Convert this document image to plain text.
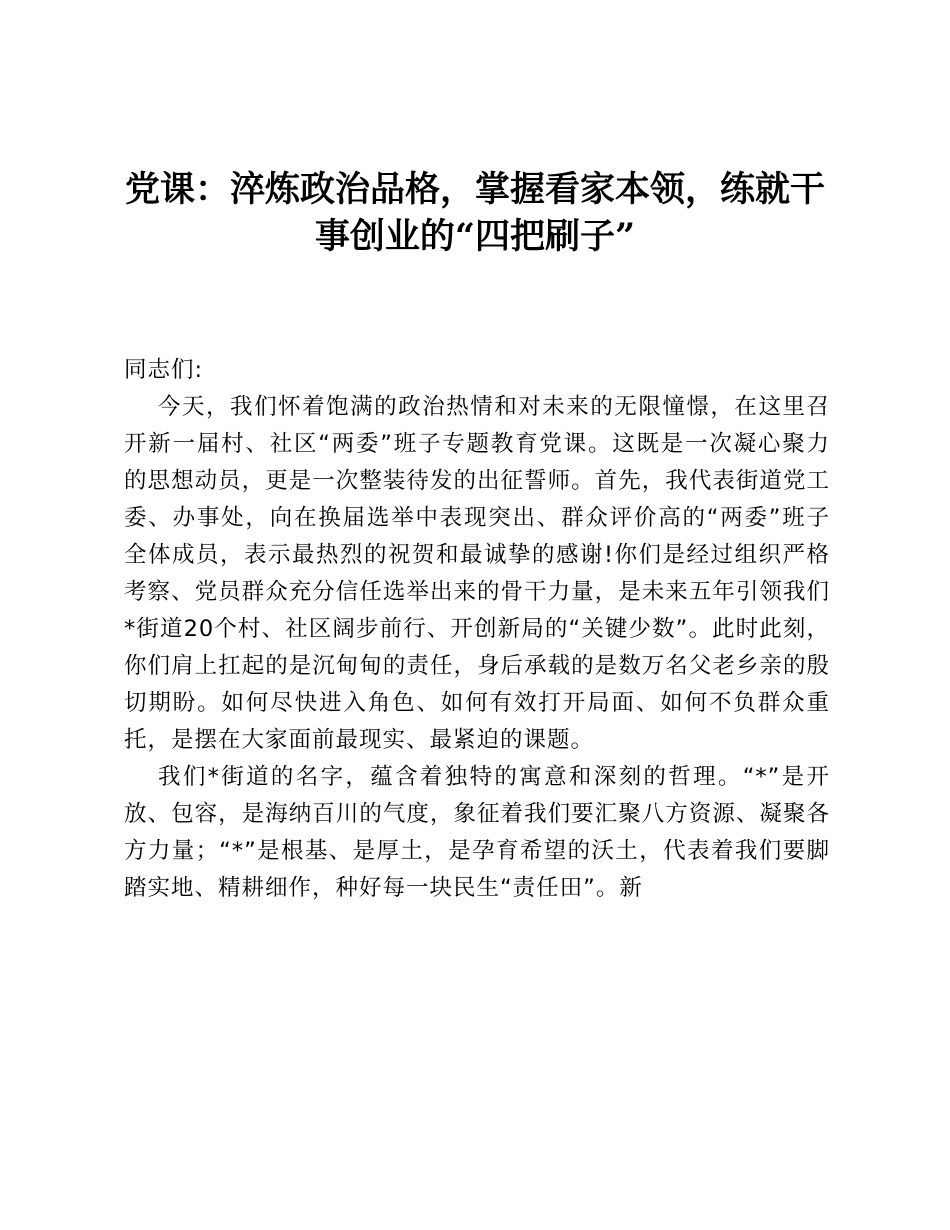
党课：淬炼政治品格，掌握看家本领，练就干事创业的“四把刷子”

同志们:

今天，我们怀着饱满的政治热情和对未来的无限憧憬，在这里召开新一届村、社区“两委”班子专题教育党课。这既是一次凝心聚力的思想动员，更是一次整装待发的出征誓师。首先，我代表街道党工委、办事处，向在换届选举中表现突出、群众评价高的“两委”班子全体成员，表示最热烈的祝贺和最诚挚的感谢!你们是经过组织严格考察、党员群众充分信任选举出来的骨干力量，是未来五年引领我们*街道20个村、社区阔步前行、开创新局的“关键少数”。此时此刻，你们肩上扛起的是沉甸甸的责任，身后承载的是数万名父老乡亲的殷切期盼。如何尽快进入角色、如何有效打开局面、如何不负群众重托，是摆在大家面前最现实、最紧迫的课题。

我们*街道的名字，蕴含着独特的寓意和深刻的哲理。“*”是开放、包容，是海纳百川的气度，象征着我们要汇聚八方资源、凝聚各方力量；“*”是根基、是厚土，是孕育希望的沃土，代表着我们要脚踏实地、精耕细作，种好每一块民生“责任田”。新
